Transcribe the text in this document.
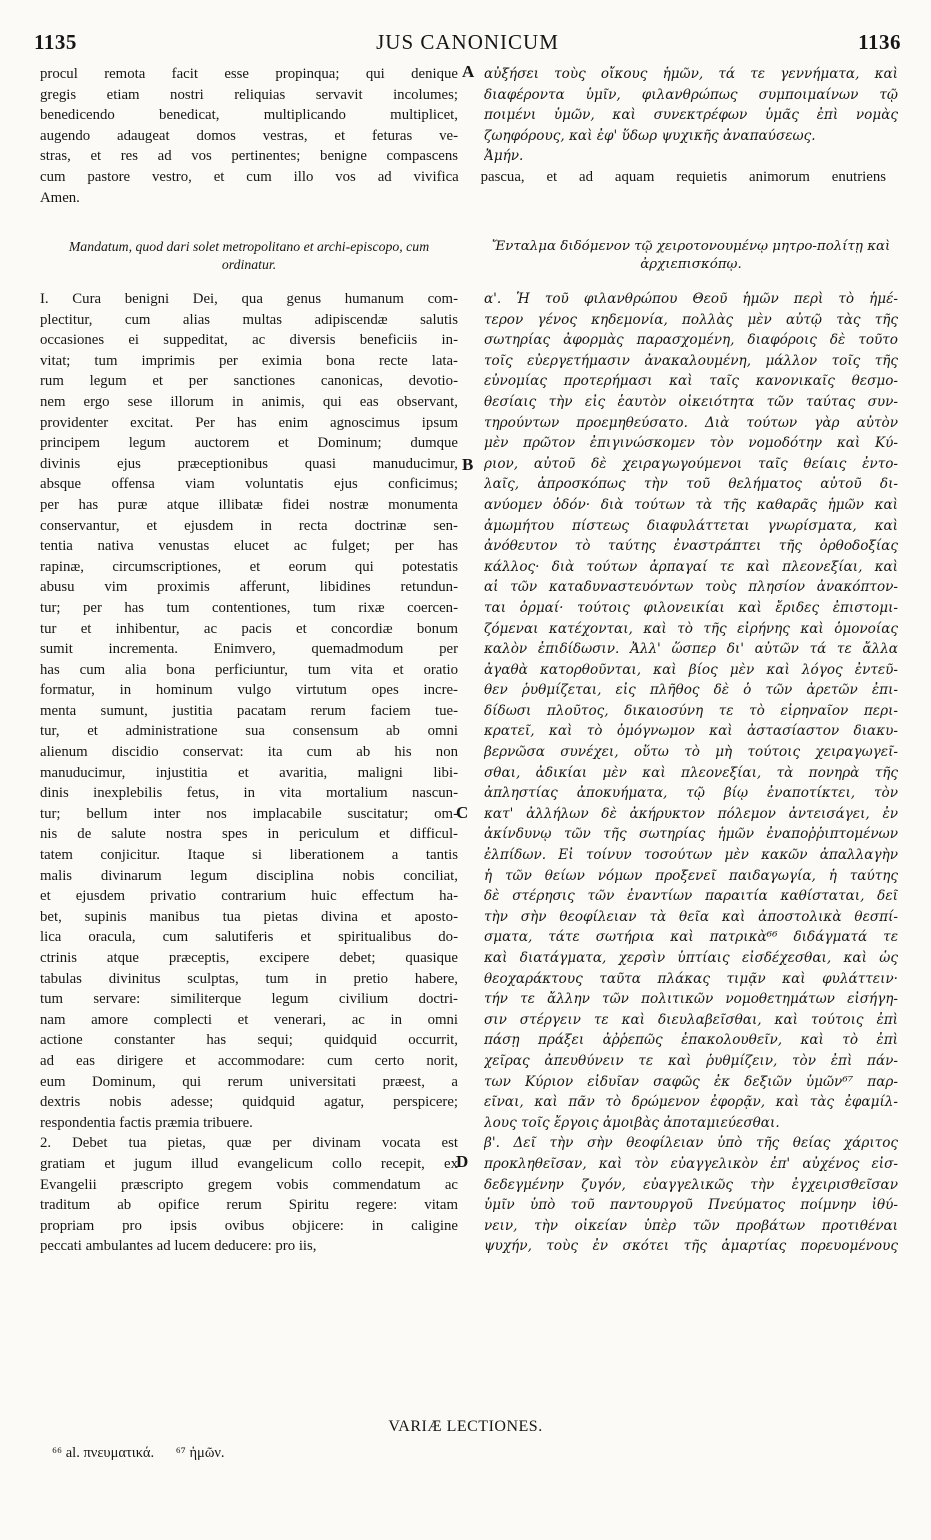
1135	JUS CANONICUM	1136
procul remota facit esse propinqua; qui denique
gregis etiam nostri reliquias servavit incolumes;
benedicendo benedicat, multiplicando multiplicet,
augendo adaugeat domos vestras, et feturas ve-
stras, et res ad vos pertinentes; benigne compascens
αὐξήσει τοὺς οἴκους ἡμῶν, τά τε γεννήματα, καὶ
διαφέροντα ὑμῖν, φιλανθρώπως συμποιμαίνων τῷ
ποιμένι ὑμῶν, καὶ συνεκτρέφων ὑμᾶς ἐπὶ νομὰς
ζωηφόρους, καὶ ἐφ' ὕδωρ ψυχικῆς ἀναπαύσεως.
Ἀμήν.
A
cum pastore vestro, et cum illo vos ad vivifica pascua, et ad aquam requietis animorum enutriens
Amen.
Mandatum, quod dari solet metropolitano et archi-episcopo, cum ordinatur.
Ἔνταλμα διδόμενον τῷ χειροτονουμένῳ μητρο-πολίτῃ καὶ ἀρχιεπισκόπῳ.
I. Cura benigni Dei, qua genus humanum com-
plectitur, cum alias multas adipiscendæ salutis
occasiones ei suppeditat, ac diversis beneficiis in-
vitat; tum imprimis per eximia bona recte lata-
rum legum et per sanctiones canonicas, devotio-
nem ergo sese illorum in animis, qui eas observant,
providenter excitat. Per has enim agnoscimus ipsum
principem legum auctorem et Dominum; dumque
divinis ejus præceptionibus quasi manuducimur,
absque offensa viam voluntatis ejus conficimus;
per has puræ atque illibatæ fidei nostræ monumenta
conservantur, et ejusdem in recta doctrinæ sen-
tentia nativa venustas elucet ac fulget; per has
rapinæ, circumscriptiones, et eorum qui potestatis
abusu vim proximis afferunt, libidines retundun-
tur; per has tum contentiones, tum rixæ coercen-
tur et inhibentur, ac pacis et concordiæ bonum
sumit incrementa. Enimvero, quemadmodum per
has cum alia bona perficiuntur, tum vita et oratio
formatur, in hominum vulgo virtutum opes incre-
menta sumunt, justitia pacatam rerum faciem tue-
tur, et administratione sua consensum ab omni
alienum discidio conservat: ita cum ab his non
manuducimur, injustitia et avaritia, maligni libi-
dinis inexplebilis fetus, in vita mortalium nascun-
tur; bellum inter nos implacabile suscitatur; om-
nis de salute nostra spes in periculum et difficul-
tatem conjicitur. Itaque si liberationem a tantis
malis divinarum legum disciplina nobis conciliat,
et ejusdem privatio contrarium huic effectum ha-
bet, supinis manibus tua pietas divina et aposto-
lica oracula, cum salutiferis et spiritualibus do-
ctrinis atque præceptis, excipere debet; quasique
tabulas divinitus sculptas, tum in pretio habere,
tum servare: similiterque legum civilium doctri-
nam amore complecti et venerari, ac in omni
actione constanter has sequi; quidquid occurrit,
ad eas dirigere et accommodare: cum certo norit,
eum Dominum, qui rerum universitati præest, a
dextris nobis adesse; quidquid agatur, perspicere;
respondentia factis præmia tribuere.
2. Debet tua pietas, quæ per divinam vocata est
gratiam et jugum illud evangelicum collo recepit, ex
Evangelii præscripto gregem vobis commendatum ac
traditum ab opifice rerum Spiritu regere: vitam
propriam pro ipsis ovibus objicere: in caligine
peccati ambulantes ad lucem deducere: pro iis,
α'. Ἡ τοῦ φιλανθρώπου Θεοῦ ἡμῶν περὶ τὸ ἡμέ-
τερον γένος κηδεμονία, πολλὰς μὲν αὐτῷ τὰς τῆς
σωτηρίας ἀφορμὰς παρασχομένη, διαφόροις δὲ τοῦτο
τοῖς εὐεργετήμασιν ἀνακαλουμένη, μάλλον τοῖς τῆς
εὐνομίας προτερήμασι καὶ ταῖς κανονικαῖς θεσμο-
θεσίαις τὴν εἰς ἑαυτὸν οἰκειότητα τῶν ταύτας συν-
τηρούντων προεμηθεύσατο. Διὰ τούτων γὰρ αὐτὸν
μὲν πρῶτον ἐπιγινώσκομεν τὸν νομοδότην καὶ Κύ-
ριον, αὐτοῦ δὲ χειραγωγούμενοι ταῖς θείαις ἐντο-
λαῖς, ἀπροσκόπως τὴν τοῦ θελήματος αὐτοῦ δι-
ανύομεν ὁδόν· διὰ τούτων τὰ τῆς καθαρᾶς ἡμῶν καὶ
ἀμωμήτου πίστεως διαφυλάττεται γνωρίσματα, καὶ
ἀνόθευτον τὸ ταύτης ἐναστράπτει τῆς ὀρθοδοξίας
κάλλος· διὰ τούτων ἁρπαγαί τε καὶ πλεονεξίαι, καὶ
αἱ τῶν καταδυναστευόντων τοὺς πλησίον ἀνακόπτον-
ται ὁρμαί· τούτοις φιλονεικίαι καὶ ἔριδες ἐπιστομι-
ζόμεναι κατέχονται, καὶ τὸ τῆς εἰρήνης καὶ ὁμονοίας
καλὸν ἐπιδίδωσιν. Ἀλλ' ὥσπερ δι' αὐτῶν τά τε ἄλλα
ἀγαθὰ κατορθοῦνται, καὶ βίος μὲν καὶ λόγος ἐντεῦ-
θεν ῥυθμίζεται, εἰς πλῆθος δὲ ὁ τῶν ἀρετῶν ἐπι-
δίδωσι πλοῦτος, δικαιοσύνη τε τὸ εἰρηναῖον περι-
κρατεῖ, καὶ τὸ ὁμόγνωμον καὶ ἀστασίαστον διακυ-
βερνῶσα συνέχει, οὕτω τὸ μὴ τούτοις χειραγωγεῖ-
σθαι, ἀδικίαι μὲν καὶ πλεονεξίαι, τὰ πονηρὰ τῆς
ἀπληστίας ἀποκυήματα, τῷ βίῳ ἐναποτίκτει, τὸν
κατ' ἀλλήλων δὲ ἀκήρυκτον πόλεμον ἀντεισάγει, ἐν
ἀκίνδυνῳ τῶν τῆς σωτηρίας ἡμῶν ἐναποῤῥιπτομένων
ἐλπίδων. Εἰ τοίνυν τοσούτων μὲν κακῶν ἀπαλλαγὴν
ἡ τῶν θείων νόμων προξενεῖ παιδαγωγία, ἡ ταύτης
δὲ στέρησις τῶν ἐναντίων παραιτία καθίσταται, δεῖ
τὴν σὴν θεοφίλειαν τὰ θεῖα καὶ ἀποστολικὰ θεσπί-
σματα, τάτε σωτήρια καὶ πατρικὰ⁶⁶ διδάγματά τε
καὶ διατάγματα, χερσὶν ὑπτίαις εἰσδέχεσθαι, καὶ ὡς
θεοχαράκτους ταῦτα πλάκας τιμᾷν καὶ φυλάττειν·
τήν τε ἄλλην τῶν πολιτικῶν νομοθετημάτων εἰσήγη-
σιν στέργειν τε καὶ διευλαβεῖσθαι, καὶ τούτοις ἐπὶ
πάσῃ πράξει ἀῤῥεπῶς ἐπακολουθεῖν, καὶ τὸ ἐπὶ
χεῖρας ἀπευθύνειν τε καὶ ῥυθμίζειν, τὸν ἐπὶ πάν-
των Κύριον εἰδυῖαν σαφῶς ἐκ δεξιῶν ὑμῶν⁶⁷ παρ-
εῖναι, καὶ πᾶν τὸ δρώμενον ἐφορᾷν, καὶ τὰς ἐφαμίλ-
λους τοῖς ἔργοις ἀμοιβὰς ἀποταμιεύεσθαι.
β'. Δεῖ τὴν σὴν θεοφίλειαν ὑπὸ τῆς θείας χάριτος
προκληθεῖσαν, καὶ τὸν εὐαγγελικὸν ἐπ' αὐχένος εἰσ-
δεδεγμένην ζυγόν, εὐαγγελικῶς τὴν ἐγχειρισθεῖσαν
ὑμῖν ὑπὸ τοῦ παντουργοῦ Πνεύματος ποίμνην ἰθύ-
νειν, τὴν οἰκείαν ὑπὲρ τῶν προβάτων προτιθέναι
ψυχήν, τοὺς ἐν σκότει τῆς ἁμαρτίας πορευομένους
B
C
D
VARIÆ LECTIONES.
⁶⁶ al. πνευματικά. ⁶⁷ ἡμῶν.
